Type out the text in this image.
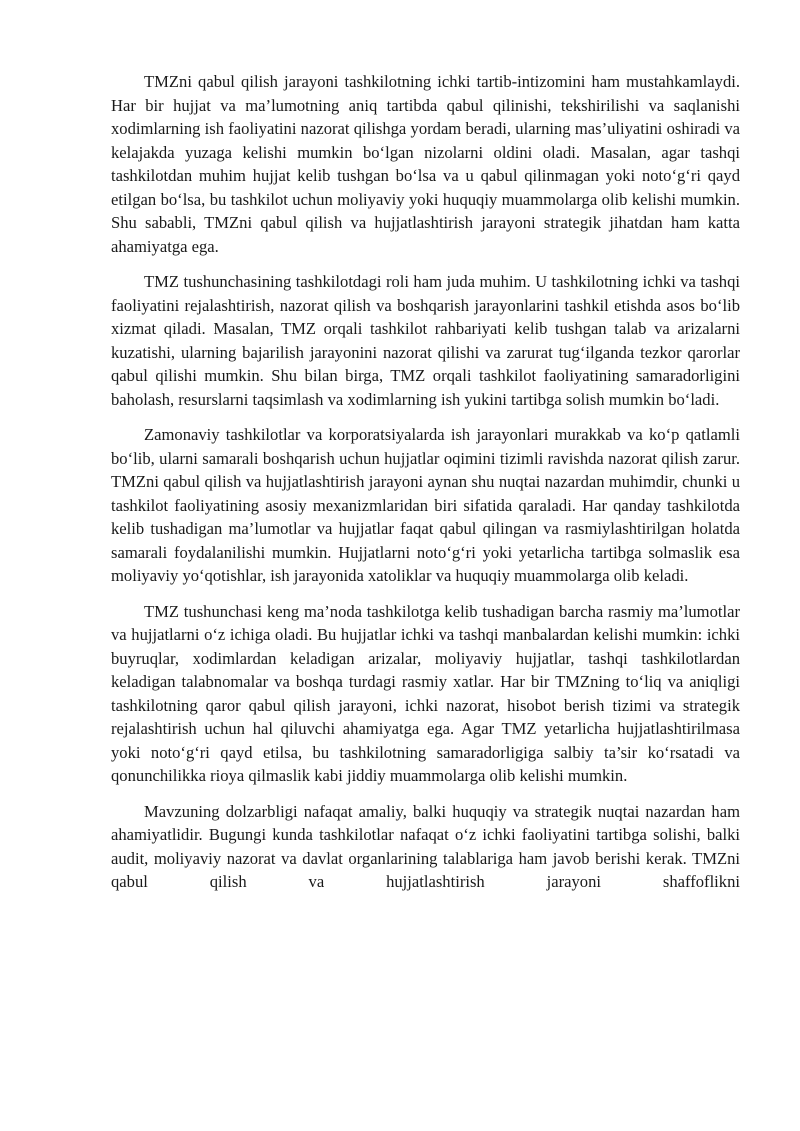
TMZni qabul qilish jarayoni tashkilotning ichki tartib-intizomini ham mustahkamlaydi. Har bir hujjat va ma’lumotning aniq tartibda qabul qilinishi, tekshirilishi va saqlanishi xodimlarning ish faoliyatini nazorat qilishga yordam beradi, ularning mas’uliyatini oshiradi va kelajakda yuzaga kelishi mumkin bo‘lgan nizolarni oldini oladi. Masalan, agar tashqi tashkilotdan muhim hujjat kelib tushgan bo‘lsa va u qabul qilinmagan yoki noto‘g‘ri qayd etilgan bo‘lsa, bu tashkilot uchun moliyaviy yoki huquqiy muammolarga olib kelishi mumkin. Shu sababli, TMZni qabul qilish va hujjatlashtirish jarayoni strategik jihatdan ham katta ahamiyatga ega.

TMZ tushunchasining tashkilotdagi roli ham juda muhim. U tashkilotning ichki va tashqi faoliyatini rejalashtirish, nazorat qilish va boshqarish jarayonlarini tashkil etishda asos bo‘lib xizmat qiladi. Masalan, TMZ orqali tashkilot rahbariyati kelib tushgan talab va arizalarni kuzatishi, ularning bajarilish jarayonini nazorat qilishi va zarurat tug‘ilganda tezkor qarorlar qabul qilishi mumkin. Shu bilan birga, TMZ orqali tashkilot faoliyatining samaradorligini baholash, resurslarni taqsimlash va xodimlarning ish yukini tartibga solish mumkin bo‘ladi.

Zamonaviy tashkilotlar va korporatsiyalarda ish jarayonlari murakkab va ko‘p qatlamli bo‘lib, ularni samarali boshqarish uchun hujjatlar oqimini tizimli ravishda nazorat qilish zarur. TMZni qabul qilish va hujjatlashtirish jarayoni aynan shu nuqtai nazardan muhimdir, chunki u tashkilot faoliyatining asosiy mexanizmlaridan biri sifatida qaraladi. Har qanday tashkilotda kelib tushadigan ma’lumotlar va hujjatlar faqat qabul qilingan va rasmiylashtirilgan holatda samarali foydalanilishi mumkin. Hujjatlarni noto‘g‘ri yoki yetarlicha tartibga solmaslik esa moliyaviy yo‘qotishlar, ish jarayonida xatoliklar va huquqiy muammolarga olib keladi.

TMZ tushunchasi keng ma’noda tashkilotga kelib tushadigan barcha rasmiy ma’lumotlar va hujjatlarni o‘z ichiga oladi. Bu hujjatlar ichki va tashqi manbalardan kelishi mumkin: ichki buyruqlar, xodimlardan keladigan arizalar, moliyaviy hujjatlar, tashqi tashkilotlardan keladigan talabnomalar va boshqa turdagi rasmiy xatlar. Har bir TMZning to‘liq va aniqligi tashkilotning qaror qabul qilish jarayoni, ichki nazorat, hisobot berish tizimi va strategik rejalashtirish uchun hal qiluvchi ahamiyatga ega. Agar TMZ yetarlicha hujjatlashtirilmasa yoki noto‘g‘ri qayd etilsa, bu tashkilotning samaradorligiga salbiy ta’sir ko‘rsatadi va qonunchilikka rioya qilmaslik kabi jiddiy muammolarga olib kelishi mumkin.

Mavzuning dolzarbligi nafaqat amaliy, balki huquqiy va strategik nuqtai nazardan ham ahamiyatlidir. Bugungi kunda tashkilotlar nafaqat o‘z ichki faoliyatini tartibga solishi, balki audit, moliyaviy nazorat va davlat organlarining talablariga ham javob berishi kerak. TMZni qabul qilish va hujjatlashtirish jarayoni shaffoflikni
